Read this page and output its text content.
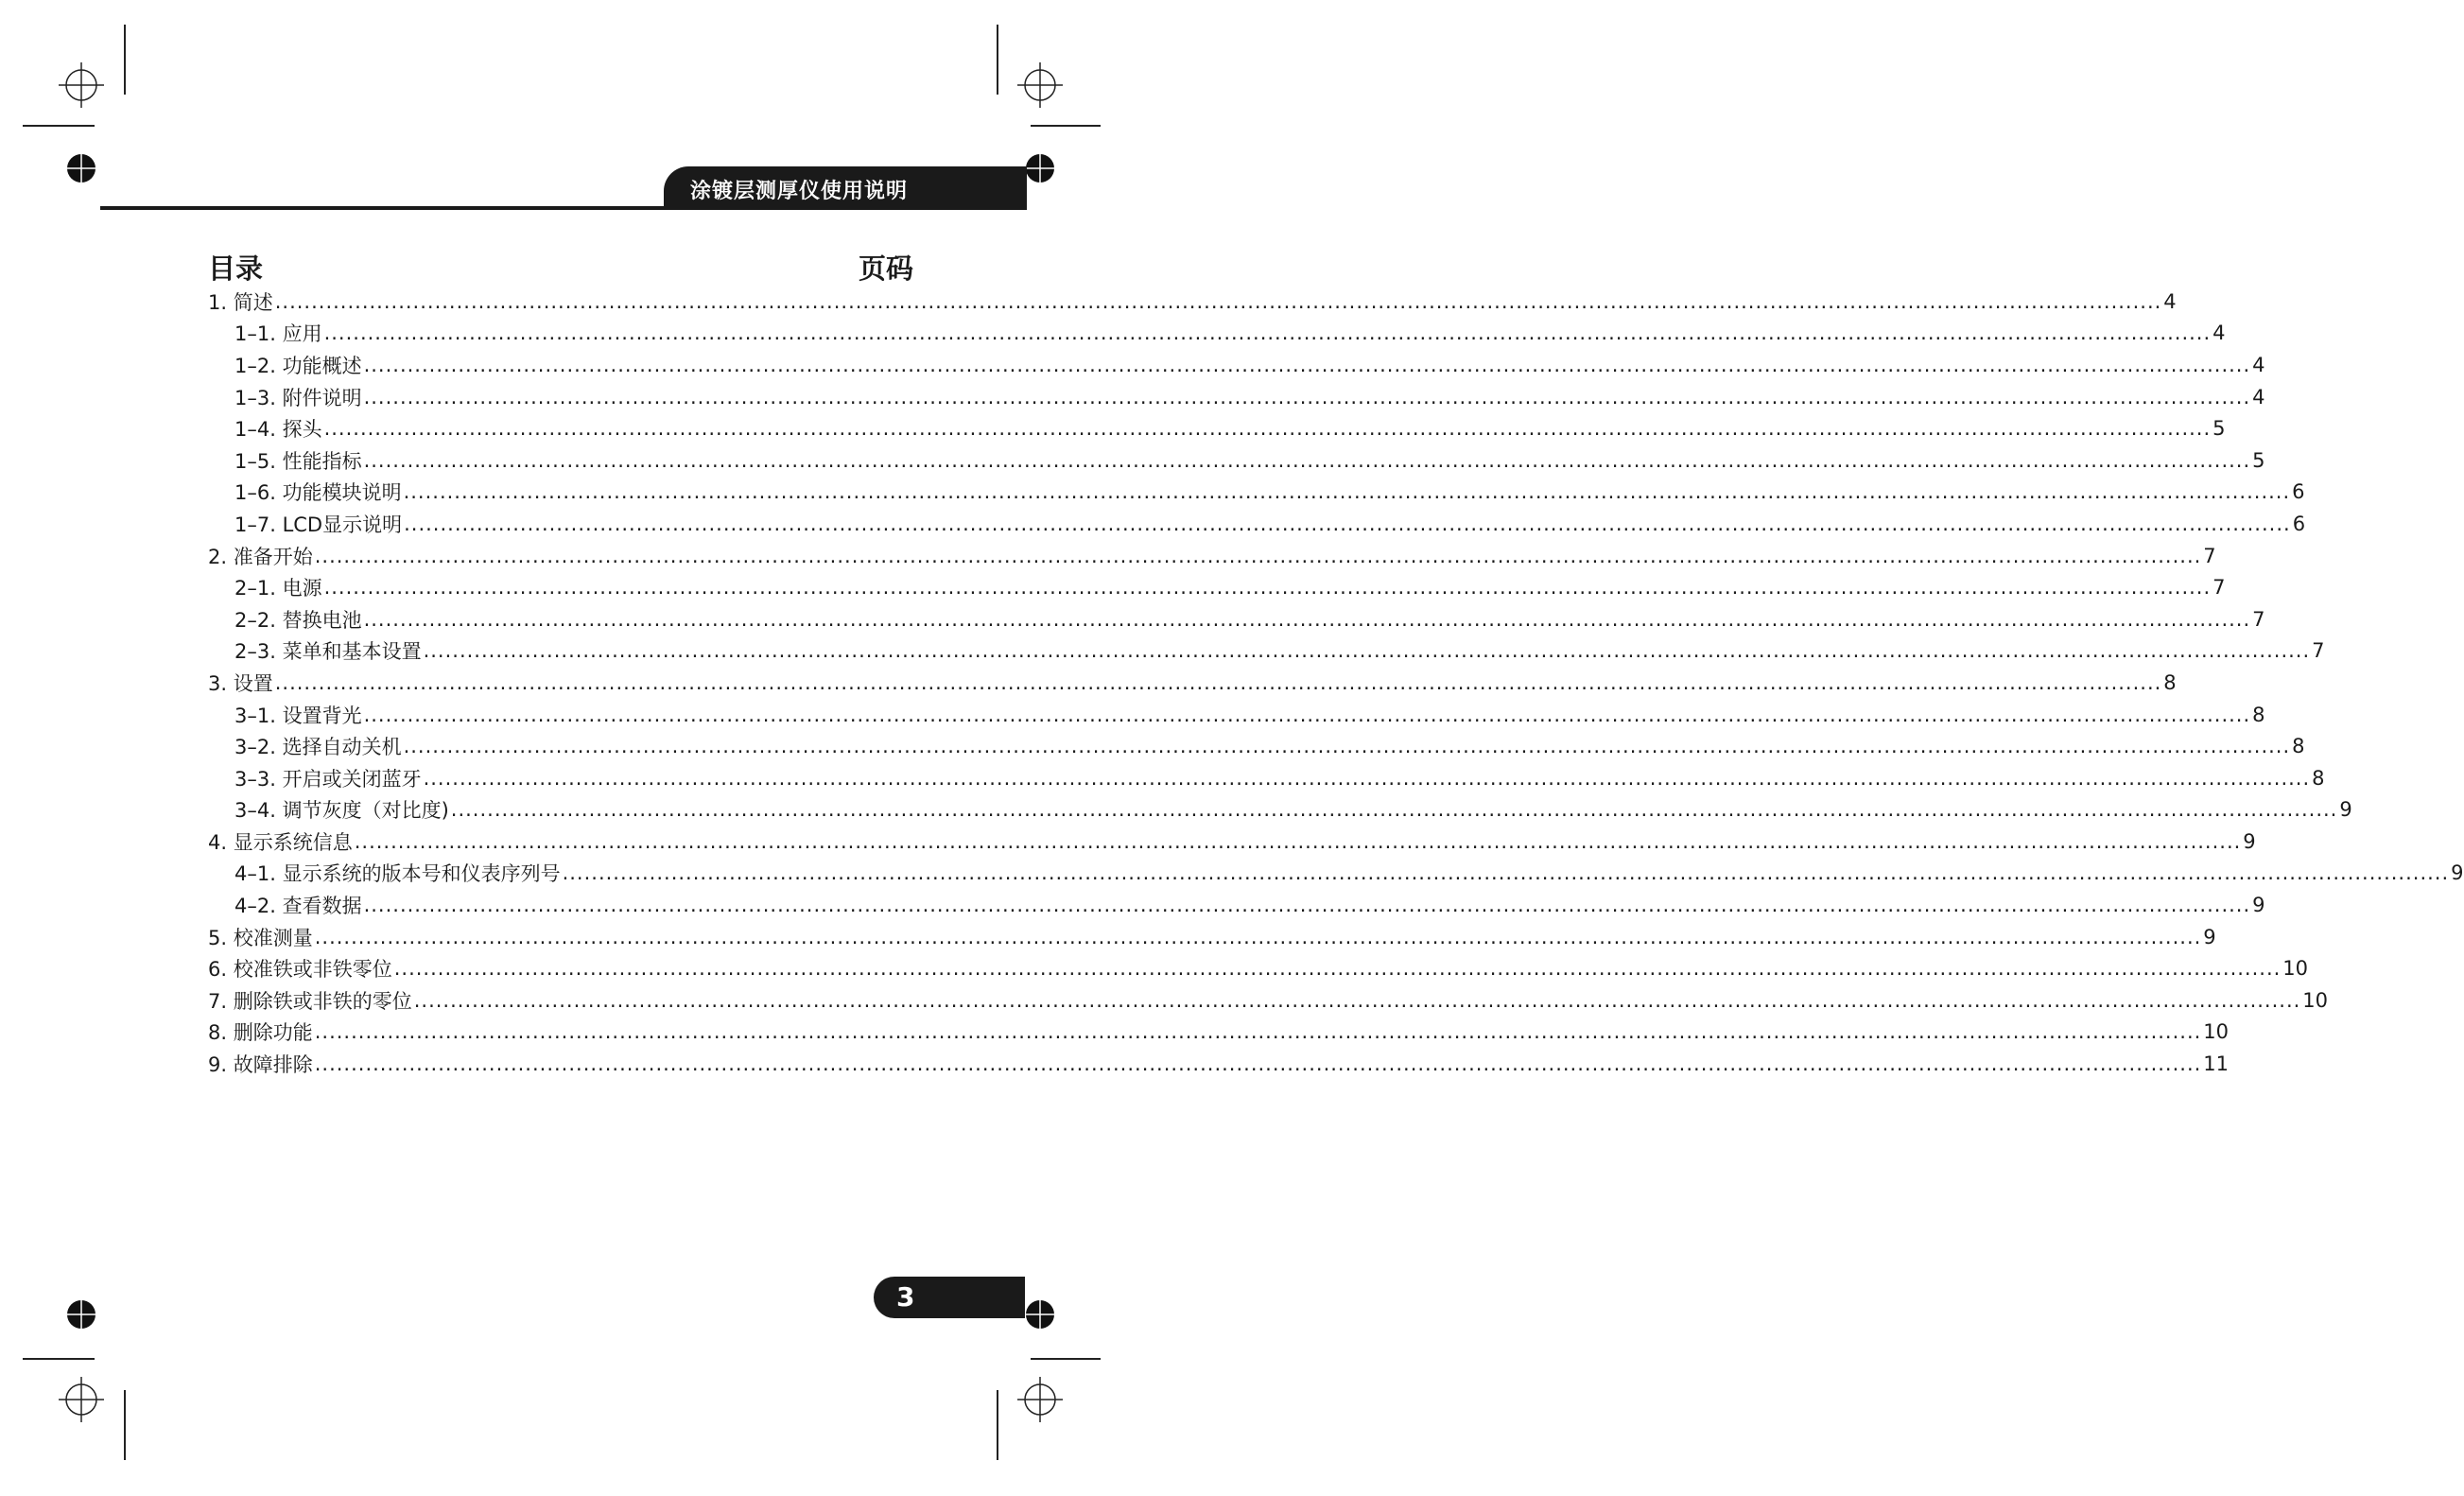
涂镀层测厚仪使用说明
目录	页码
1. 简述 .................................................................................................................................................................................................................................................................... 4
1–1. 应用 .................................................................................................................................................................................................................................................................... 4
1–2. 功能概述 .................................................................................................................................................................................................................................................................... 4
1–3. 附件说明 .................................................................................................................................................................................................................................................................... 4
1–4. 探头 .................................................................................................................................................................................................................................................................... 5
1–5. 性能指标 .................................................................................................................................................................................................................................................................... 5
1–6. 功能模块说明 .................................................................................................................................................................................................................................................................... 6
1–7. LCD显示说明 .................................................................................................................................................................................................................................................................... 6
2. 准备开始 .................................................................................................................................................................................................................................................................... 7
2–1. 电源 .................................................................................................................................................................................................................................................................... 7
2–2. 替换电池 .................................................................................................................................................................................................................................................................... 7
2–3. 菜单和基本设置 .................................................................................................................................................................................................................................................................... 7
3. 设置 .................................................................................................................................................................................................................................................................... 8
3–1. 设置背光 .................................................................................................................................................................................................................................................................... 8
3–2. 选择自动关机 .................................................................................................................................................................................................................................................................... 8
3–3. 开启或关闭蓝牙 .................................................................................................................................................................................................................................................................... 8
3–4. 调节灰度（对比度) .................................................................................................................................................................................................................................................................... 9
4. 显示系统信息 .................................................................................................................................................................................................................................................................... 9
4–1. 显示系统的版本号和仪表序列号 .................................................................................................................................................................................................................................................................... 9
4–2. 查看数据 .................................................................................................................................................................................................................................................................... 9
5. 校准测量 .................................................................................................................................................................................................................................................................... 9
6. 校准铁或非铁零位 .................................................................................................................................................................................................................................................................... 10
7. 删除铁或非铁的零位 .................................................................................................................................................................................................................................................................... 10
8. 删除功能 .................................................................................................................................................................................................................................................................... 10
9. 故障排除 .................................................................................................................................................................................................................................................................... 11
3
